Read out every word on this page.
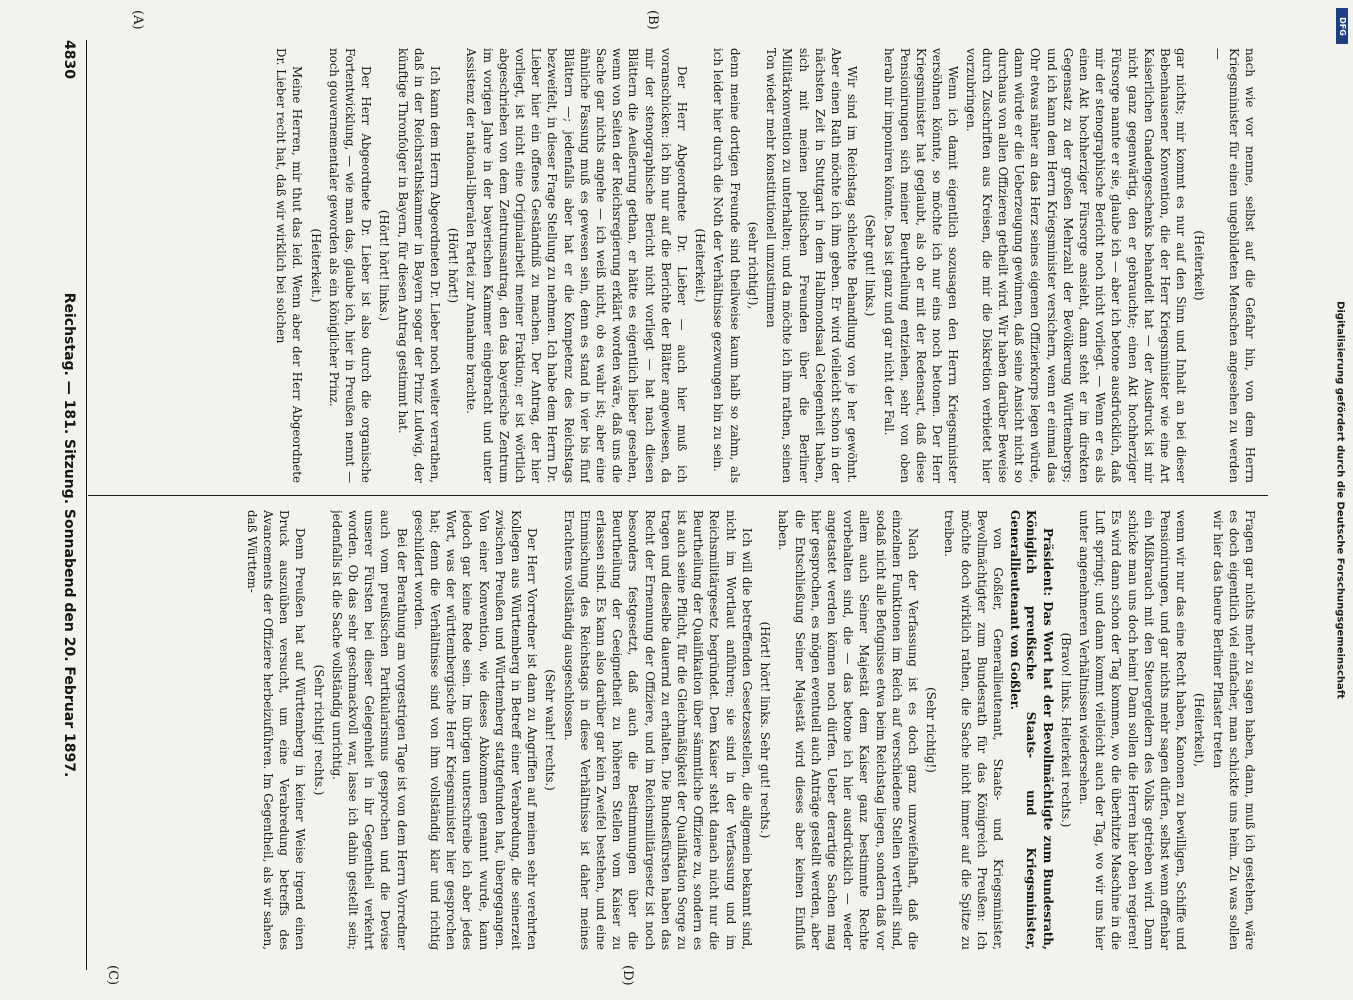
4830
Reichstag. — 181. Sitzung. Sonnabend den 20. Februar 1897.

nach wie vor nenne, selbst auf die Gefahr hin, von dem Herrn Kriegsminister für einen ungebildeten Menschen angesehen zu werden —

(Heiterkeit)

gar nichts; mir kommt es nur auf den Sinn und Inhalt an bei dieser Bebenhausener Konvention, die der Herr Kriegsminister wie eine Art Kaiserlichen Gnadengeschenks behandelt hat — der Ausdruck ist mir nicht ganz gegenwärtig, den er gebrauchte; einen Akt hochherziger Fürsorge nannte er sie, glaube ich — aber ich betone ausdrücklich, daß mir der stenographische Bericht noch nicht vorliegt. — Wenn er es als einen Akt hochherziger Fürsorge ansieht, dann steht er im direkten Gegensatz zu der großen Mehrzahl der Bevölkerung Württembergs; und ich kann dem Herrn Kriegsminister versichern, wenn er einmal das Ohr etwas näher an das Herz seines eigenen Offizierkorps legen würde, dann würde er die Ueberzeugung gewinnen, daß seine Ansicht nicht so durchaus von allen Offizieren getheilt wird. Wir haben darüber Beweise durch Zuschriften aus Kreisen, die mir die Diskretion verbietet hier vorzubringen.

Wenn ich damit eigentlich sozusagen den Herrn Kriegsminister versöhnen könnte, so möchte ich nur eins noch betonen. Der Herr Kriegsminister hat geglaubt, als ob er mit der Redensart, daß diese Pensionirungen sich meiner Beurtheilung entziehen, sehr von oben herab mir imponiren könnte. Das ist ganz und gar nicht der Fall.

(Sehr gut! links.)

Wir sind im Reichstag schlechte Behandlung von je her gewöhnt. Aber einen Rath möchte ich ihm geben. Er wird vielleicht schon in der nächsten Zeit in Stuttgart in dem Halbmondsaal Gelegenheit haben, sich mit meinen politischen Freunden über die Berliner Militärkonvention zu unterhalten; und da möchte ich ihm rathen, seinen Ton wieder mehr konstitutionell umzustimmen

(sehr richtig!),

denn meine dortigen Freunde sind theilweise kaum halb so zahm, als ich leider hier durch die Noth der Verhältnisse gezwungen bin zu sein.

(Heiterkeit.)

Der Herr Abgeordnete Dr. Lieber — auch hier muß ich voranschicken: ich bin nur auf die Berichte der Blätter angewiesen, da mir der stenographische Bericht nicht vorliegt — hat nach diesen Blättern die Aeußerung gethan, er hätte es eigentlich lieber gesehen, wenn von Seiten der Reichsregierung erklärt worden wäre, daß uns die Sache gar nichts angehe — ich weiß nicht, ob es wahr ist; aber eine ähnliche Fassung muß es gewesen sein, denn es stand in vier bis fünf Blättern —; jedenfalls aber hat er die Kompetenz des Reichstags bezweifelt, in dieser Frage Stellung zu nehmen. Ich habe dem Herrn Dr. Lieber hier ein offenes Geständniß zu machen. Der Antrag, der hier vorliegt, ist nicht eine Originalarbeit meiner Fraktion; er ist wörtlich abgeschrieben von dem Zentrumsantrag, den das bayerische Zentrum im vorigen Jahre in der bayerischen Kammer eingebracht und unter Assistenz der national-liberalen Partei zur Annahme brachte.

(Hört! hört!)

Ich kann dem Herrn Abgeordneten Dr. Lieber noch weiter verrathen, daß in der Reichsrathskammer in Bayern sogar der Prinz Ludwig, der künftige Thronfolger in Bayern, für diesen Antrag gestimmt hat.

(Hört! hört! links.)

Der Herr Abgeordnete Dr. Lieber ist also durch die organische Fortentwicklung, — wie man das, glaube ich, hier in Preußen nennt — noch gouvernementaler geworden als ein königlicher Prinz.

(Heiterkeit.)

Meine Herren, mir thut das leid. Wenn aber der Herr Abgeordnete Dr. Lieber recht hat, daß wir wirklich bei solchen

Fragen gar nichts mehr zu sagen haben, dann, muß ich gestehen, wäre es doch eigentlich viel einfacher, man schickte uns heim. Zu was sollen wir hier das theure Berliner Pflaster treten

(Heiterkeit),

wenn wir nur das eine Recht haben, Kanonen zu bewilligen, Schiffe und Pensionirungen, und gar nichts mehr sagen dürfen, selbst wenn offenbar ein Mißbrauch mit den Steuergeldern des Volks getrieben wird. Dann schicke man uns doch heim! Dann sollen die Herren hier oben regieren! Es wird dann schon der Tag kommen, wo die überhitzte Maschine in die Luft springt; und dann kommt vielleicht auch der Tag, wo wir uns hier unter angenehmeren Verhältnissen wiedersehen.

(Bravo! links. Heiterkeit rechts.)

Präsident: Das Wort hat der Bevollmächtigte zum Bundesrath, Königlich preußische Staats- und Kriegsminister, Generallieutenant von Goßler.

von Goßler, Generallieutenant, Staats- und Kriegsminister, Bevollmächtigter zum Bundesrath für das Königreich Preußen: Ich möchte doch wirklich rathen, die Sache nicht immer auf die Spitze zu treiben.

(Sehr richtig!)

Nach der Verfassung ist es doch ganz unzweifelhaft, daß die einzelnen Funktionen im Reich auf verschiedene Stellen vertheilt sind, sodaß nicht alle Befugnisse etwa beim Reichstag liegen, sondern daß vor allem auch Seiner Majestät dem Kaiser ganz bestimmte Rechte vorbehalten sind, die — das betone ich hier ausdrücklich — weder angetastet werden können noch dürfen. Ueber derartige Sachen mag hier gesprochen, es mögen eventuell auch Anträge gestellt werden, aber die Entschließung Seiner Majestät wird dieses aber keinen Einfluß haben.

(Hört! hört! links. Sehr gut! rechts.)

Ich will die betreffenden Gesetzesstellen, die allgemein bekannt sind, nicht im Wortlaut anführen; sie sind in der Verfassung und im Reichsmilitärgesetz begründet. Dem Kaiser steht danach nicht nur die Beurtheilung der Qualifikation über sämmtliche Offiziere zu, sondern es ist auch seine Pflicht, für die Gleichmäßigkeit der Qualifikation Sorge zu tragen und dieselbe dauernd zu erhalten. Die Bundesfürsten haben das Recht der Ernennung der Offiziere, und im Reichsmilitärgesetz ist noch besonders festgesetzt, daß auch die Bestimmungen über die Beurtheilung der Geeignetheit zu höheren Stellen vom Kaiser zu erlassen sind. Es kann also darüber gar kein Zweifel bestehen, und eine Einmischung des Reichstags in diese Verhältnisse ist daher meines Erachtens vollständig ausgeschlossen.

(Sehr wahr! rechts.)

Der Herr Vorredner ist dann zu Angriffen auf meinen sehr verehrten Kollegen aus Württemberg in Betreff einer Verabredung, die seinerzeit zwischen Preußen und Württemberg stattgefunden hat, übergegangen. Von einer Konvention, wie dieses Abkommen genannt wurde, kann jedoch gar keine Rede sein. Im übrigen unterschreibe ich aber jedes Wort, was der württembergische Herr Kriegsminister hier gesprochen hat; denn die Verhältnisse sind von ihm vollständig klar und richtig geschildert worden.

Bei der Berathung am vorgestrigen Tage ist von dem Herrn Vorredner auch vom preußischen Partikularismus gesprochen und die Devise unserer Fürsten bei dieser Gelegenheit in ihr Gegentheil verkehrt worden. Ob das sehr geschmackvoll war, lasse ich dahin gestellt sein; jedenfalls ist die Sache vollständig unrichtig.

(Sehr richtig! rechts.)

Denn Preußen hat auf Württemberg in keiner Weise irgend einen Druck auszuüben versucht, um eine Verabredung betreffs des Avancements der Offiziere herbeizuführen. Im Gegentheil, als wir sahen, daß Württem-

(A)	(B)
(C)	(D)
Digitalisierung gefördert durch die Deutsche Forschungsgemeinschaft
DFG
